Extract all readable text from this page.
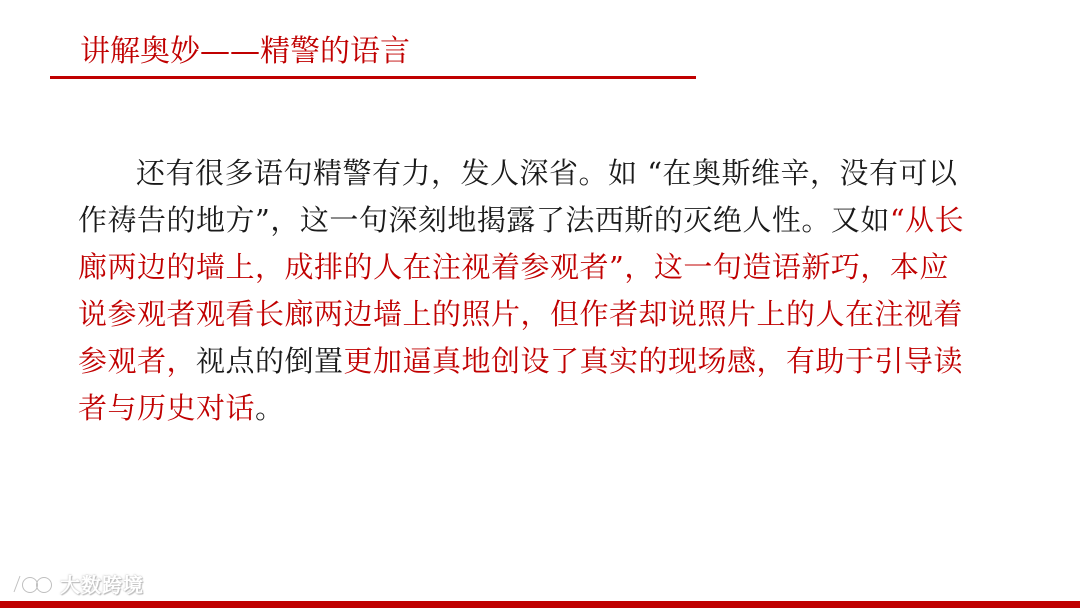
讲解奥妙——精警的语言

还有很多语句精警有力，发人深省。如 “在奥斯维辛，没有可以作祷告的地方”，这一句深刻地揭露了法西斯的灭绝人性。又如“从长廊两边的墙上，成排的人在注视着参观者”，这一句造语新巧，本应说参观者观看长廊两边墙上的照片，但作者却说照片上的人在注视着参观者，视点的倒置更加逼真地创设了真实的现场感，有助于引导读者与历史对话。

大数跨境
